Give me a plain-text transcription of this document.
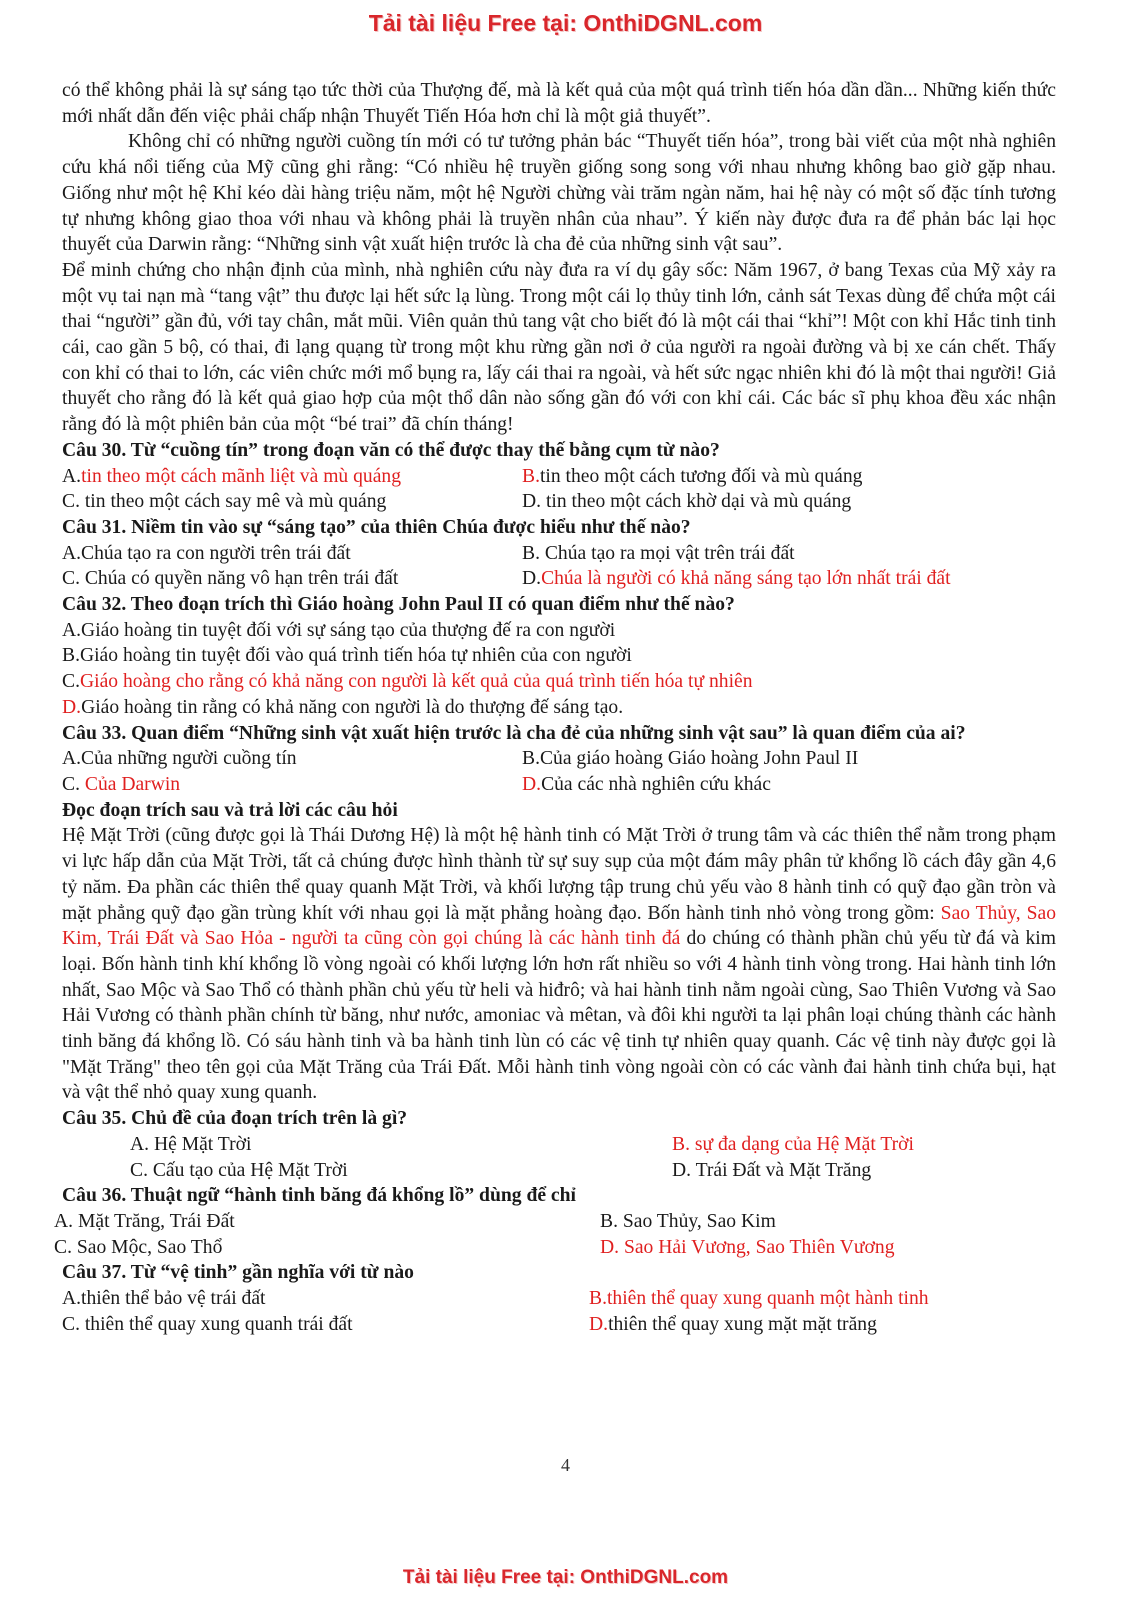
Tải tài liệu Free tại: OnthiDGNL.com

có thể không phải là sự sáng tạo tức thời của Thượng đế, mà là kết quả của một quá trình tiến hóa dần dần... Những kiến thức mới nhất dẫn đến việc phải chấp nhận Thuyết Tiến Hóa hơn chỉ là một giả thuyết”.

Không chỉ có những người cuồng tín mới có tư tưởng phản bác “Thuyết tiến hóa”, trong bài viết của một nhà nghiên cứu khá nổi tiếng của Mỹ cũng ghi rằng: “Có nhiều hệ truyền giống song song với nhau nhưng không bao giờ gặp nhau. Giống như một hệ Khỉ kéo dài hàng triệu năm, một hệ Người chừng vài trăm ngàn năm, hai hệ này có một số đặc tính tương tự nhưng không giao thoa với nhau và không phải là truyền nhân của nhau”. Ý kiến này được đưa ra để phản bác lại học thuyết của Darwin rằng: “Những sinh vật xuất hiện trước là cha đẻ của những sinh vật sau”.

Để minh chứng cho nhận định của mình, nhà nghiên cứu này đưa ra ví dụ gây sốc: Năm 1967, ở bang Texas của Mỹ xảy ra một vụ tai nạn mà “tang vật” thu được lại hết sức lạ lùng. Trong một cái lọ thủy tinh lớn, cảnh sát Texas dùng để chứa một cái thai “người” gần đủ, với tay chân, mắt mũi. Viên quản thủ tang vật cho biết đó là một cái thai “khỉ”! Một con khỉ Hắc tinh tinh cái, cao gần 5 bộ, có thai, đi lạng quạng từ trong một khu rừng gần nơi ở của người ra ngoài đường và bị xe cán chết. Thấy con khỉ có thai to lớn, các viên chức mới mổ bụng ra, lấy cái thai ra ngoài, và hết sức ngạc nhiên khi đó là một thai người! Giả thuyết cho rằng đó là kết quả giao hợp của một thổ dân nào sống gần đó với con khỉ cái. Các bác sĩ phụ khoa đều xác nhận rằng đó là một phiên bản của một “bé trai” đã chín tháng!

Câu 30. Từ “cuồng tín” trong đoạn văn có thể được thay thế bằng cụm từ nào?
A.tin theo một cách mãnh liệt và mù quáng	B.tin theo một cách tương đối và mù quáng
C. tin theo một cách say mê và mù quáng	D. tin theo một cách khờ dại và mù quáng
Câu 31. Niềm tin vào sự “sáng tạo” của thiên Chúa được hiểu như thế nào?
A.Chúa tạo ra con người trên trái đất	B. Chúa tạo ra mọi vật trên trái đất
C. Chúa có quyền năng vô hạn trên trái đất	D.Chúa là người có khả năng sáng tạo lớn nhất trái đất
Câu 32. Theo đoạn trích thì Giáo hoàng John Paul II có quan điểm như thế nào?
A.Giáo hoàng tin tuyệt đối với sự sáng tạo của thượng đế ra con người
B.Giáo hoàng tin tuyệt đối vào quá trình tiến hóa tự nhiên của con người
C.Giáo hoàng cho rằng có khả năng con người là kết quả của quá trình tiến hóa tự nhiên
D.Giáo hoàng tin rằng có khả năng con người là do thượng đế sáng tạo.

Câu 33. Quan điểm “Những sinh vật xuất hiện trước là cha đẻ của những sinh vật sau” là quan điểm của ai?

A.Của những người cuồng tín	B.Của giáo hoàng Giáo hoàng John Paul II
C. Của Darwin	D.Của các nhà nghiên cứu khác
Đọc đoạn trích sau và trả lời các câu hỏi

Hệ Mặt Trời (cũng được gọi là Thái Dương Hệ) là một hệ hành tinh có Mặt Trời ở trung tâm và các thiên thể nằm trong phạm vi lực hấp dẫn của Mặt Trời, tất cả chúng được hình thành từ sự suy sụp của một đám mây phân tử khổng lồ cách đây gần 4,6 tỷ năm. Đa phần các thiên thể quay quanh Mặt Trời, và khối lượng tập trung chủ yếu vào 8 hành tinh có quỹ đạo gần tròn và mặt phẳng quỹ đạo gần trùng khít với nhau gọi là mặt phẳng hoàng đạo. Bốn hành tinh nhỏ vòng trong gồm: Sao Thủy, Sao Kim, Trái Đất và Sao Hỏa - người ta cũng còn gọi chúng là các hành tinh đá do chúng có thành phần chủ yếu từ đá và kim loại. Bốn hành tinh khí khổng lồ vòng ngoài có khối lượng lớn hơn rất nhiều so với 4 hành tinh vòng trong. Hai hành tinh lớn nhất, Sao Mộc và Sao Thổ có thành phần chủ yếu từ heli và hiđrô; và hai hành tinh nằm ngoài cùng, Sao Thiên Vương và Sao Hải Vương có thành phần chính từ băng, như nước, amoniac và mêtan, và đôi khi người ta lại phân loại chúng thành các hành tinh băng đá khổng lồ. Có sáu hành tinh và ba hành tinh lùn có các vệ tinh tự nhiên quay quanh. Các vệ tinh này được gọi là "Mặt Trăng" theo tên gọi của Mặt Trăng của Trái Đất. Mỗi hành tinh vòng ngoài còn có các vành đai hành tinh chứa bụi, hạt và vật thể nhỏ quay xung quanh.

Câu 35. Chủ đề của đoạn trích trên là gì?
A. Hệ Mặt Trời	B. sự đa dạng của Hệ Mặt Trời
C. Cấu tạo của Hệ Mặt Trời	D. Trái Đất và Mặt Trăng
Câu 36. Thuật ngữ “hành tinh băng đá khổng lồ” dùng để chỉ
A. Mặt Trăng, Trái Đất	B. Sao Thủy, Sao Kim
C. Sao Mộc, Sao Thổ	D. Sao Hải Vương, Sao Thiên Vương
Câu 37. Từ “vệ tinh” gần nghĩa với từ nào
A.thiên thể bảo vệ trái đất	B.thiên thể quay xung quanh một hành tinh
C. thiên thể quay xung quanh trái đất	D.thiên thể quay xung mặt mặt trăng
4
Tải tài liệu Free tại: OnthiDGNL.com
